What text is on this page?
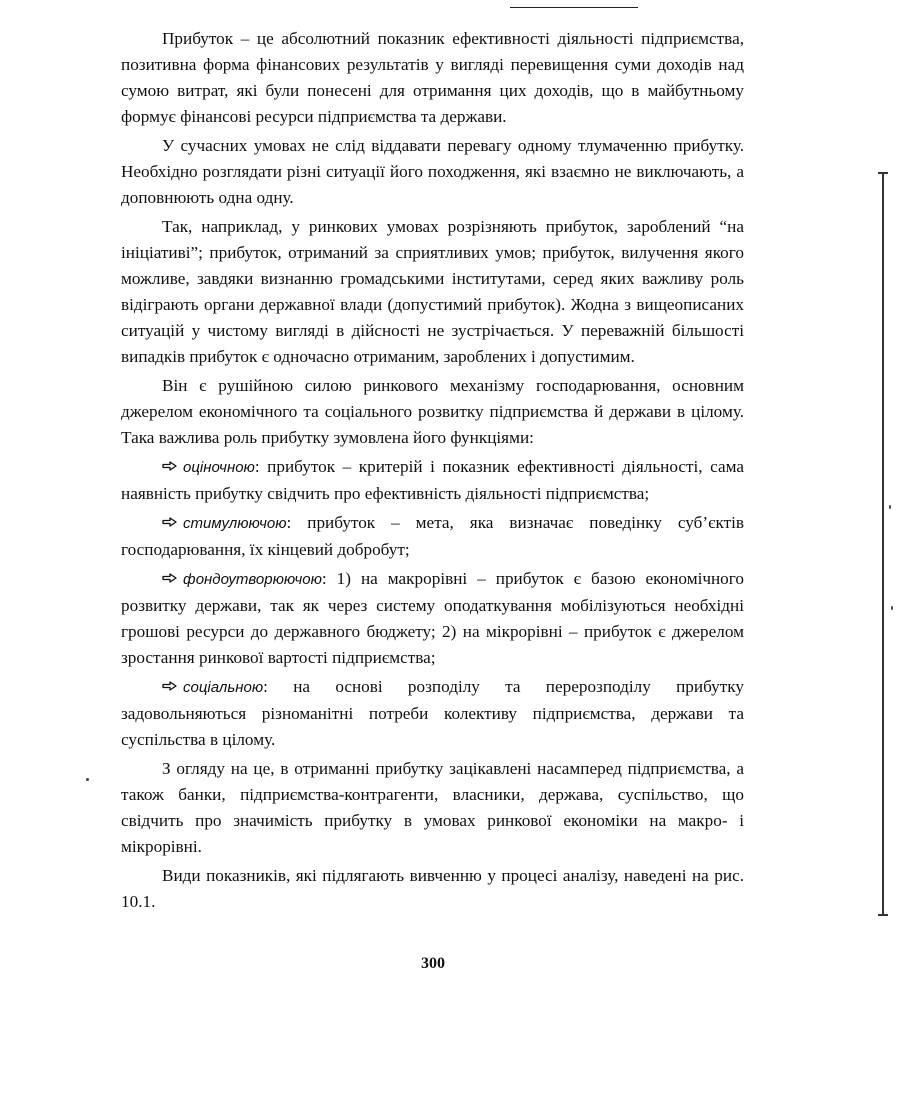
Прибуток – це абсолютний показник ефективності діяльності підприємства, позитивна форма фінансових результатів у вигляді перевищення суми доходів над сумою витрат, які були понесені для отримання цих доходів, що в майбутньому формує фінансові ресурси підприємства та держави.

У сучасних умовах не слід віддавати перевагу одному тлумаченню прибутку. Необхідно розглядати різні ситуації його походження, які взаємно не виключають, а доповнюють одна одну.

Так, наприклад, у ринкових умовах розрізняють прибуток, зароблений “на ініціативі”; прибуток, отриманий за сприятливих умов; прибуток, вилучення якого можливе, завдяки визнанню громадськими інститутами, серед яких важливу роль відіграють органи державної влади (допустимий прибуток). Жодна з вищеописаних ситуацій у чистому вигляді в дійсності не зустрічається. У переважній більшості випадків прибуток є одночасно отриманим, зароблених і допустимим.

Він є рушійною силою ринкового механізму господарювання, основним джерелом економічного та соціального розвитку підприємства й держави в цілому. Така важлива роль прибутку зумовлена його функціями:

оціночною: прибуток – критерій і показник ефективності діяльності, сама наявність прибутку свідчить про ефективність діяльності підприємства;

стимулюючою: прибуток – мета, яка визначає поведінку суб’єктів господарювання, їх кінцевий добробут;

фондоутворюючою: 1) на макрорівні – прибуток є базою економічного розвитку держави, так як через систему оподаткування мобілізуються необхідні грошові ресурси до державного бюджету; 2) на мікрорівні – прибуток є джерелом зростання ринкової вартості підприємства;

соціальною: на основі розподілу та перерозподілу прибутку задовольняються різноманітні потреби колективу підприємства, держави та суспільства в цілому.

З огляду на це, в отриманні прибутку зацікавлені насамперед підприємства, а також банки, підприємства-контрагенти, власники, держава, суспільство, що свідчить про значимість прибутку в умовах ринкової економіки на макро- і мікрорівні.

Види показників, які підлягають вивченню у процесі аналізу, наведені на рис. 10.1.

300
